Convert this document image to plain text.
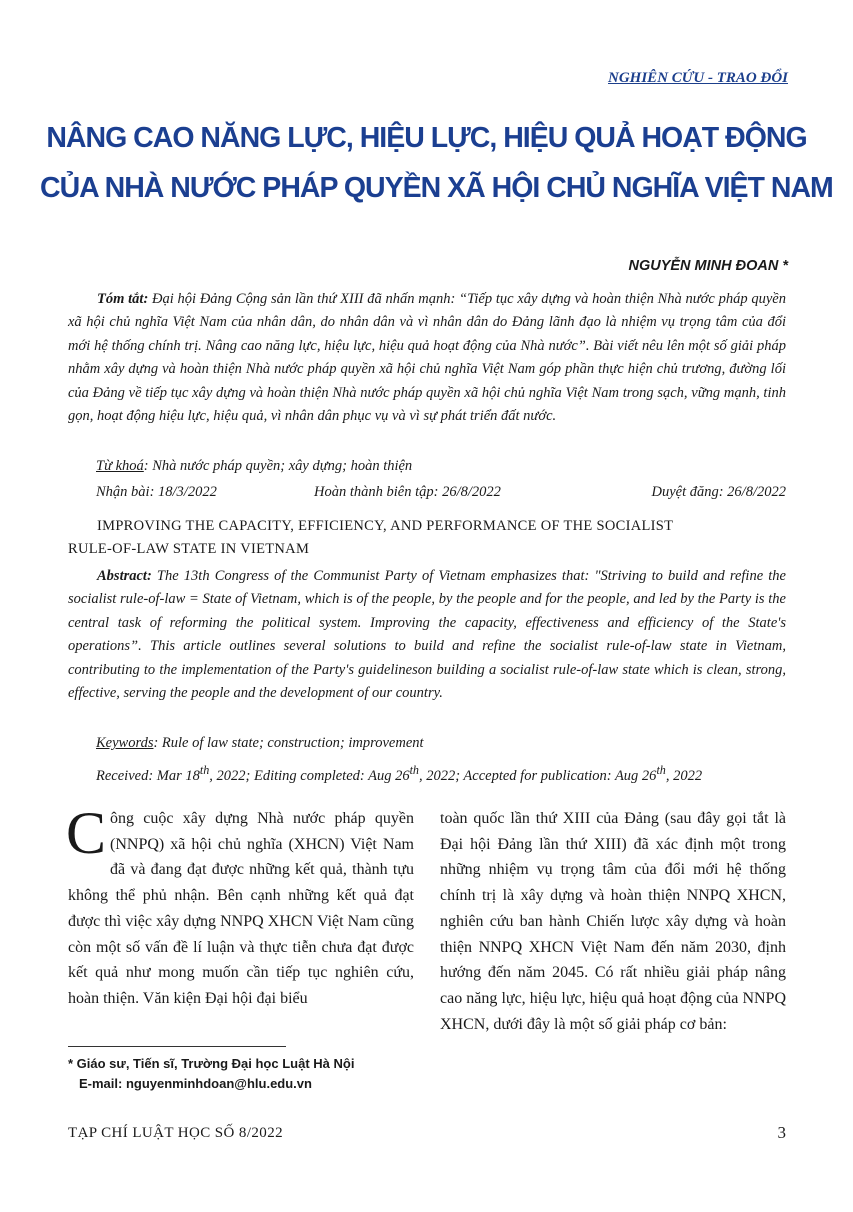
NGHIÊN CỨU - TRAO ĐỔI
NÂNG CAO NĂNG LỰC, HIỆU LỰC, HIỆU QUẢ HOẠT ĐỘNG
CỦA NHÀ NƯỚC PHÁP QUYỀN XÃ HỘI CHỦ NGHĨA VIỆT NAM
NGUYỄN MINH ĐOAN *
Tóm tắt: Đại hội Đảng Cộng sản lần thứ XIII đã nhấn mạnh: “Tiếp tục xây dựng và hoàn thiện Nhà nước pháp quyền xã hội chủ nghĩa Việt Nam của nhân dân, do nhân dân và vì nhân dân do Đảng lãnh đạo là nhiệm vụ trọng tâm của đổi mới hệ thống chính trị. Nâng cao năng lực, hiệu lực, hiệu quả hoạt động của Nhà nước”. Bài viết nêu lên một số giải pháp nhằm xây dựng và hoàn thiện Nhà nước pháp quyền xã hội chủ nghĩa Việt Nam góp phần thực hiện chủ trương, đường lối của Đảng về tiếp tục xây dựng và hoàn thiện Nhà nước pháp quyền xã hội chủ nghĩa Việt Nam trong sạch, vững mạnh, tinh gọn, hoạt động hiệu lực, hiệu quả, vì nhân dân phục vụ và vì sự phát triển đất nước.
Từ khoá: Nhà nước pháp quyền; xây dựng; hoàn thiện
Nhận bài: 18/3/2022	Hoàn thành biên tập: 26/8/2022	Duyệt đăng: 26/8/2022
IMPROVING THE CAPACITY, EFFICIENCY, AND PERFORMANCE OF THE SOCIALIST
RULE-OF-LAW STATE IN VIETNAM
Abstract: The 13th Congress of the Communist Party of Vietnam emphasizes that: "Striving to build and refine the socialist rule-of-law = State of Vietnam, which is of the people, by the people and for the people, and led by the Party is the central task of reforming the political system. Improving the capacity, effectiveness and efficiency of the State's operations”. This article outlines several solutions to build and refine the socialist rule-of-law state in Vietnam, contributing to the implementation of the Party's guidelineson building a socialist rule-of-law state which is clean, strong, effective, serving the people and the development of our country.
Keywords: Rule of law state; construction; improvement
Received: Mar 18th, 2022; Editing completed: Aug 26th, 2022; Accepted for publication: Aug 26th, 2022
Công cuộc xây dựng Nhà nước pháp quyền (NNPQ) xã hội chủ nghĩa (XHCN) Việt Nam đã và đang đạt được những kết quả, thành tựu không thể phủ nhận. Bên cạnh những kết quả đạt được thì việc xây dựng NNPQ XHCN Việt Nam cũng còn một số vấn đề lí luận và thực tiễn chưa đạt được kết quả như mong muốn cần tiếp tục nghiên cứu, hoàn thiện. Văn kiện Đại hội đại biểu
toàn quốc lần thứ XIII của Đảng (sau đây gọi tắt là Đại hội Đảng lần thứ XIII) đã xác định một trong những nhiệm vụ trọng tâm của đổi mới hệ thống chính trị là xây dựng và hoàn thiện NNPQ XHCN, nghiên cứu ban hành Chiến lược xây dựng và hoàn thiện NNPQ XHCN Việt Nam đến năm 2030, định hướng đến năm 2045. Có rất nhiều giải pháp nâng cao năng lực, hiệu lực, hiệu quả hoạt động của NNPQ XHCN, dưới đây là một số giải pháp cơ bản:
* Giáo sư, Tiến sĩ, Trường Đại học Luật Hà Nội
E-mail: nguyenminhdoan@hlu.edu.vn
TẠP CHÍ LUẬT HỌC SỐ 8/2022	3
